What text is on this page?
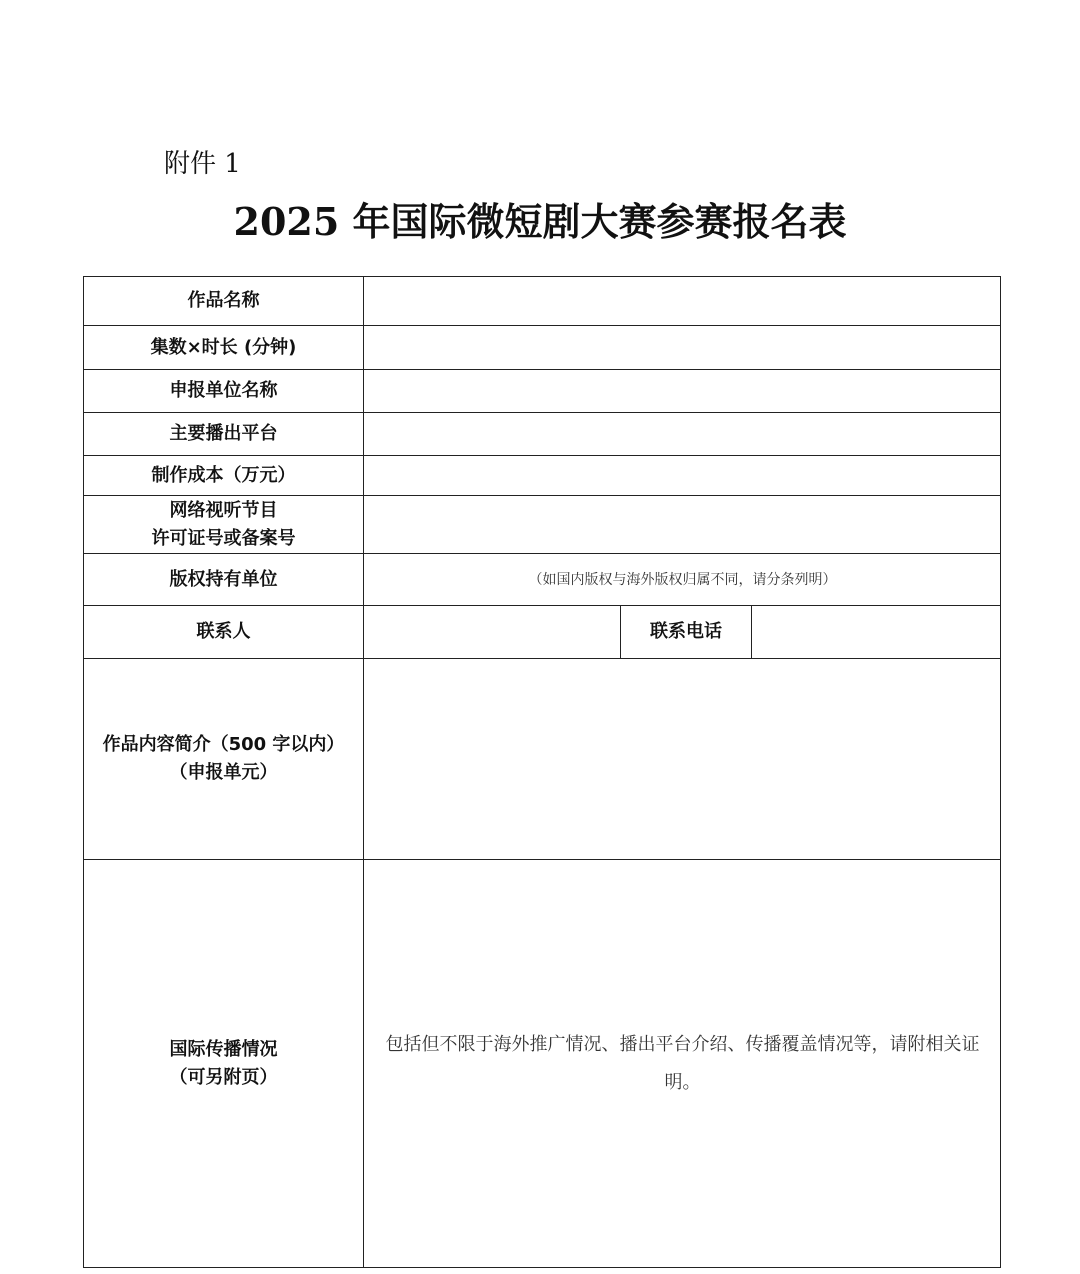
附件 1
2025 年国际微短剧大赛参赛报名表
作品名称
集数×时长 (分钟)
申报单位名称
主要播出平台
制作成本（万元）
网络视听节目
许可证号或备案号
版权持有单位	（如国内版权与海外版权归属不同，请分条列明）
联系人	联系电话
作品内容简介（500 字以内）
（申报单元）
国际传播情况
（可另附页）
包括但不限于海外推广情况、播出平台介绍、传播覆盖情况等，请附相关证明。
